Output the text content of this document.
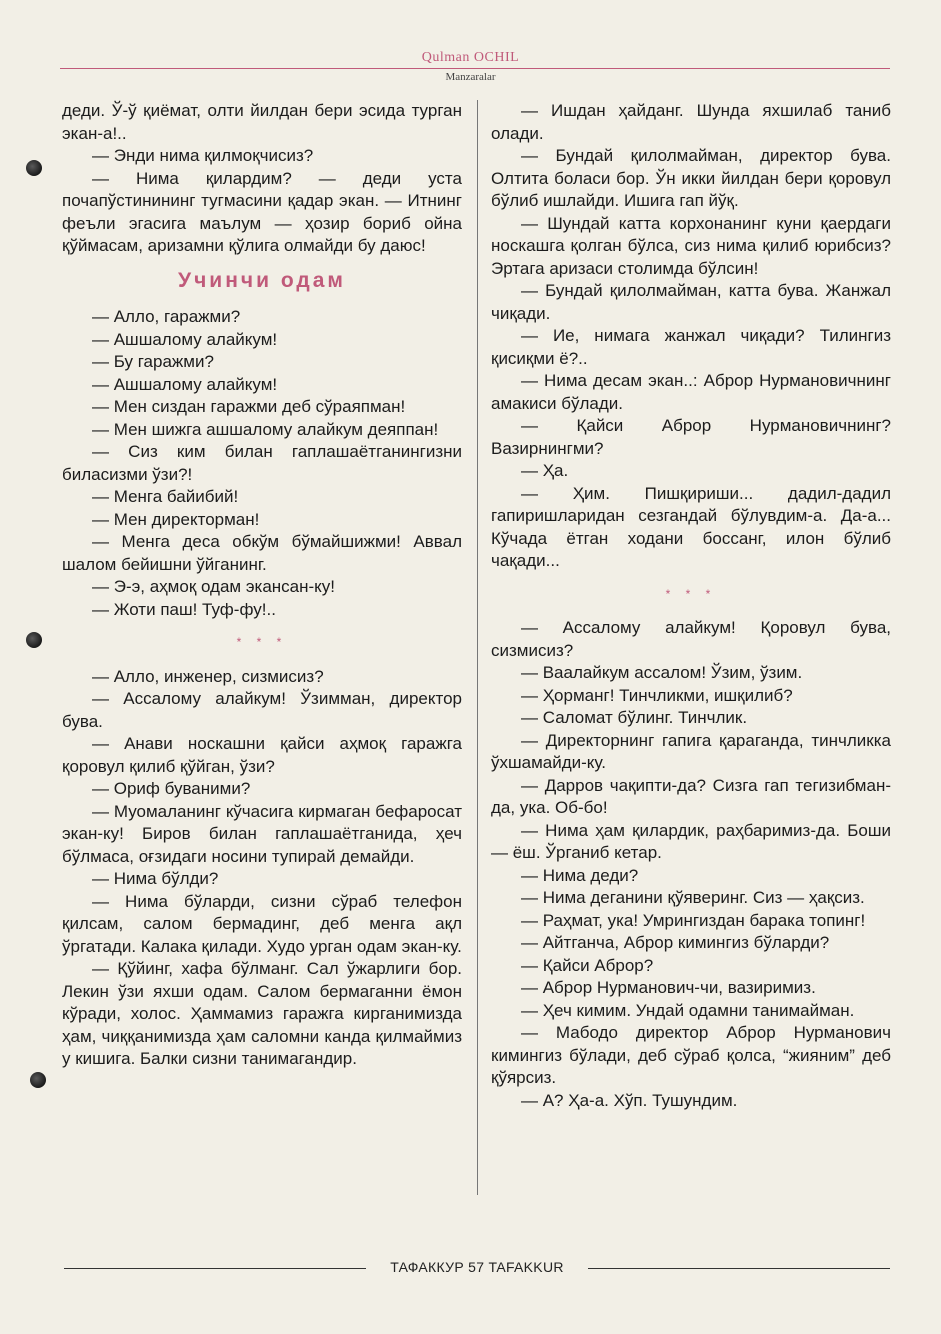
Qulman OCHIL
Manzaralar

деди. Ў-ў қиёмат, олти йилдан бери эсида турган экан-а!..

— Энди нима қилмоқчисиз?

— Нима қилардим? — деди уста почапўстинининг тугмасини қадар экан. — Итнинг феъли эгасига маълум — ҳозир бориб ойна қўймасам, аризамни қўлига олмайди бу даюс!

Учинчи одам

— Алло, гаражми?

— Ашшалому алайкум!

— Бу гаражми?

— Ашшалому алайкум!

— Мен сиздан гаражми деб сўраяпман!

— Мен шижга ашшалому алайкум деяппан!

— Сиз ким билан гаплашаётганингизни биласизми ўзи?!

— Менга байибий!

— Мен директорман!

— Менга деса обкўм бўмайшижми! Аввал шалом бейишни ўйганинг.

— Э-э, аҳмоқ одам экансан-ку!

— Жоти паш! Туф-фу!..

* * *

— Алло, инженер, сизмисиз?

— Ассалому алайкум! Ўзимман, директор бува.

— Анави носкашни қайси аҳмоқ гаражга қоровул қилиб қўйган, ўзи?

— Ориф буваними?

— Муомаланинг кўчасига кирмаган бефаросат экан-ку! Биров билан гаплашаётганида, ҳеч бўлмаса, оғзидаги носини тупирай демайди.

— Нима бўлди?

— Нима бўларди, сизни сўраб телефон қилсам, салом бермадинг, деб менга ақл ўргатади. Калака қилади. Худо урган одам экан-ку.

— Қўйинг, хафа бўлманг. Сал ўжарлиги бор. Лекин ўзи яхши одам. Салом бермаганни ёмон кўради, холос. Ҳаммамиз гаражга кирганимизда ҳам, чиққанимизда ҳам саломни канда қилмаймиз у кишига. Балки сизни танимагандир.

— Ишдан ҳайданг. Шунда яхшилаб таниб олади.

— Бундай қилолмайман, директор бува. Олтита боласи бор. Ўн икки йилдан бери қоровул бўлиб ишлайди. Ишига гап йўқ.

— Шундай катта корхонанинг куни қаердаги носкашга қолган бўлса, сиз нима қилиб юрибсиз? Эртага аризаси столимда бўлсин!

— Бундай қилолмайман, катта бува. Жанжал чиқади.

— Ие, нимага жанжал чиқади? Тилингиз қисиқми ё?..

— Нима десам экан..: Аброр Нурмановичнинг амакиси бўлади.

— Қайси Аброр Нурмановичнинг? Вазирнингми?

— Ҳа.

— Ҳим. Пишқириши... дадил-дадил гапиришларидан сезгандай бўлувдим-а. Да-а... Кўчада ётган ходани боссанг, илон бўлиб чақади...

* * *

— Ассалому алайкум! Қоровул бува, сизмисиз?

— Ваалайкум ассалом! Ўзим, ўзим.

— Ҳорманг! Тинчликми, ишқилиб?

— Саломат бўлинг. Тинчлик.

— Директорнинг гапига қараганда, тинчликка ўхшамайди-ку.

— Дарров чақипти-да? Сизга гап тегизибман-да, ука. Об-бо!

— Нима ҳам қилардик, раҳбаримиз-да. Боши — ёш. Ўрганиб кетар.

— Нима деди?

— Нима деганини қўяверинг. Сиз — ҳақсиз.

— Раҳмат, ука! Умрингиздан барака топинг!

— Айтганча, Аброр кимингиз бўларди?

— Қайси Аброр?

— Аброр Нурманович-чи, вазиримиз.

— Ҳеч кимим. Ундай одамни танимайман.

— Мабодо директор Аброр Нурманович кимингиз бўлади, деб сўраб қолса, “жияним” деб қўярсиз.

— А? Ҳа-а. Хўп. Тушундим.

ТАФАККУР 57 TAFAKKUR
